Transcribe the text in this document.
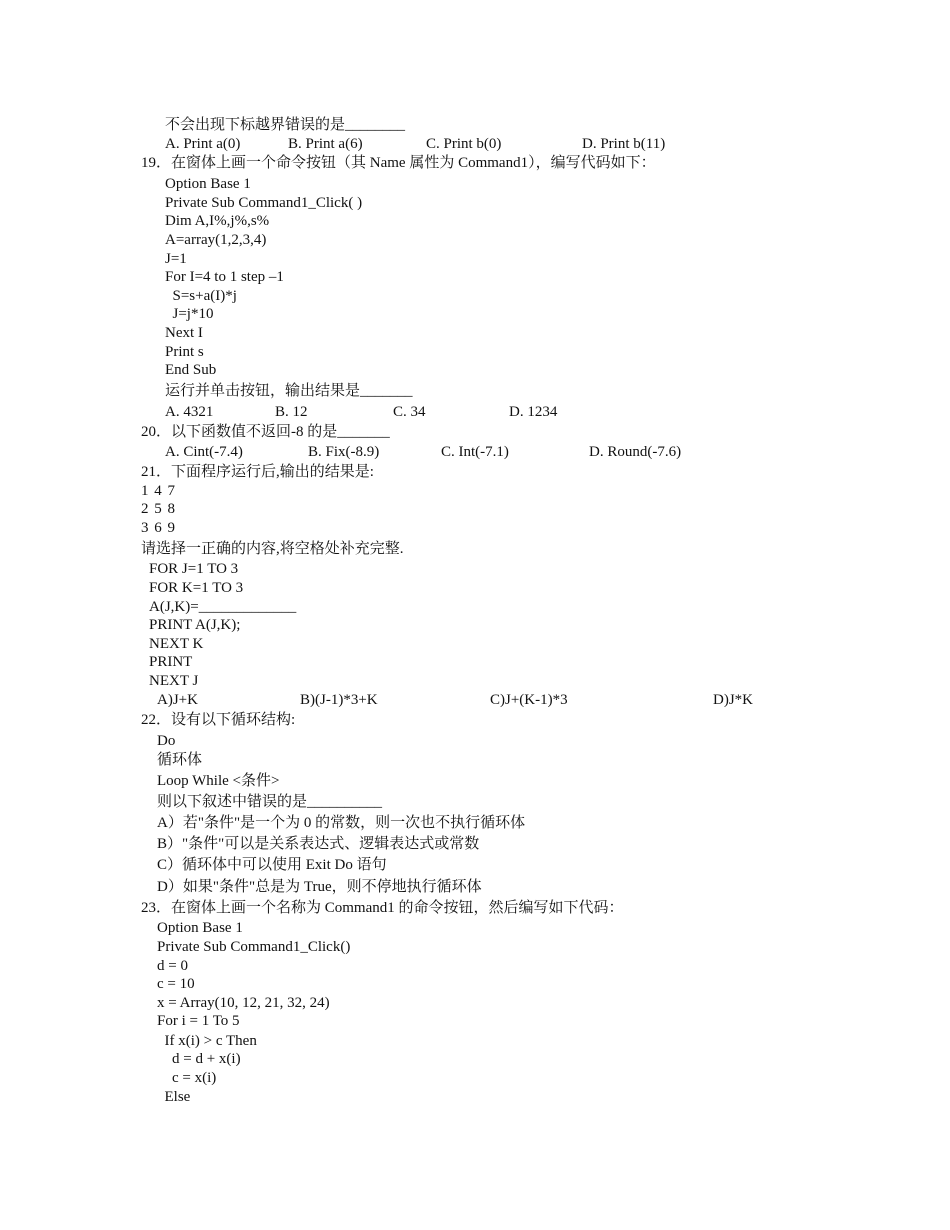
不会出现下标越界错误的是________
A. Print a(0)	B. Print a(6)	C. Print b(0)	D. Print b(11)
19．在窗体上画一个命令按钮（其 Name 属性为 Command1），编写代码如下：
Option Base 1
Private Sub Command1_Click( )
Dim A,I%,j%,s%
A=array(1,2,3,4)
J=1
For I=4 to 1 step –1
S=s+a(I)*j
J=j*10
Next I
Print s
End Sub
运行并单击按钮，输出结果是_______
A. 4321	B. 12	C. 34	D. 1234
20．以下函数值不返回-8 的是_______
A. Cint(-7.4)	B. Fix(-8.9)	C. Int(-7.1)	D. Round(-7.6)
21．下面程序运行后,输出的结果是:
1 4 7
2 5 8
3 6 9
请选择一正确的内容,将空格处补充完整.
FOR J=1 TO 3
FOR K=1 TO 3
A(J,K)=_____________
PRINT A(J,K);
NEXT K
PRINT
NEXT J
A)J+K	B)(J-1)*3+K	C)J+(K-1)*3	D)J*K
22．设有以下循环结构:
Do
循环体
Loop While <条件>
则以下叙述中错误的是__________
A）若"条件"是一个为 0 的常数，则一次也不执行循环体
B）"条件"可以是关系表达式、逻辑表达式或常数
C）循环体中可以使用 Exit Do 语句
D）如果"条件"总是为 True，则不停地执行循环体
23．在窗体上画一个名称为 Command1 的命令按钮，然后编写如下代码：
Option Base 1
Private Sub Command1_Click()
d = 0
c = 10
x = Array(10, 12, 21, 32, 24)
For i = 1 To 5
If x(i) > c Then
d = d + x(i)
c = x(i)
Else
